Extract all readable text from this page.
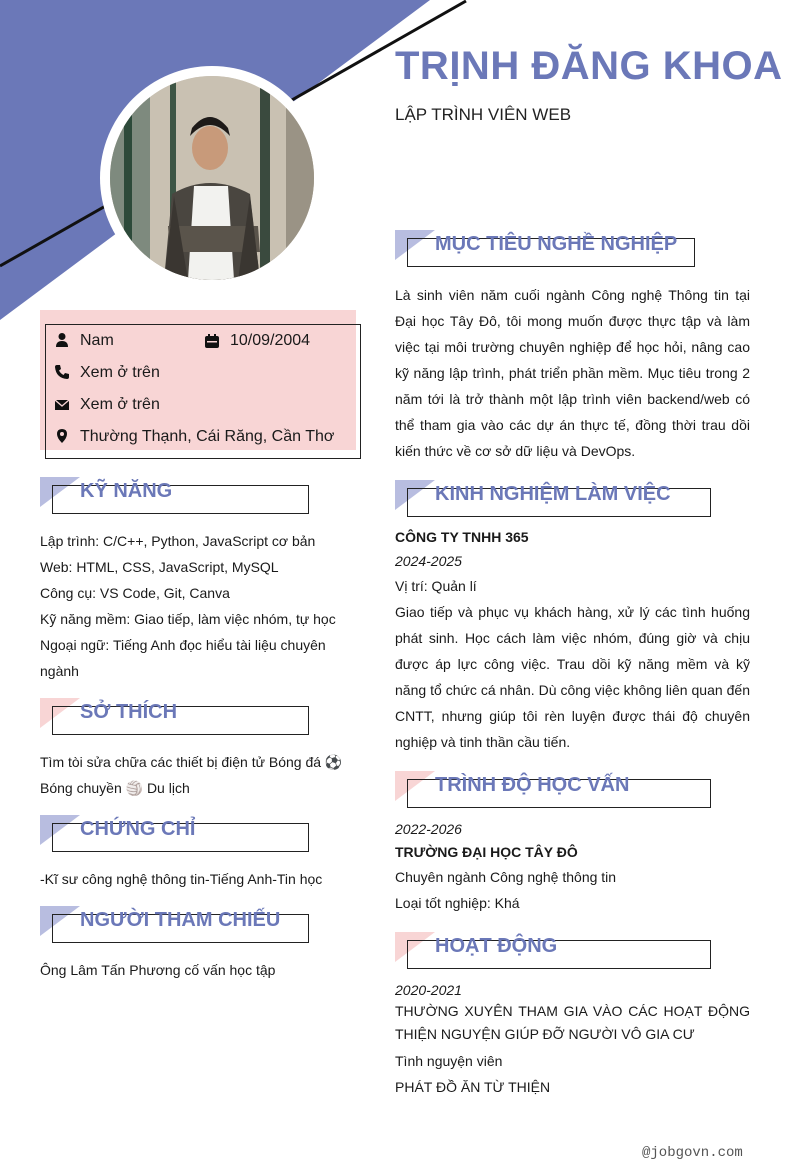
TRỊNH ĐĂNG KHOA
LẬP TRÌNH VIÊN WEB
Nam	10/09/2004
Xem ở trên
Xem ở trên
Thường Thạnh, Cái Răng, Cần Thơ
KỸ NĂNG
Lập trình: C/C++, Python, JavaScript cơ bản
Web: HTML, CSS, JavaScript, MySQL
Công cụ: VS Code, Git, Canva
Kỹ năng mềm: Giao tiếp, làm việc nhóm, tự học
Ngoại ngữ: Tiếng Anh đọc hiểu tài liệu chuyên ngành
SỞ THÍCH
Tìm tòi sửa chữa các thiết bị điện tử Bóng đá ⚽ Bóng chuyền 🏐 Du lịch
CHỨNG CHỈ
-Kĩ sư công nghệ thông tin-Tiếng Anh-Tin học
NGƯỜI THAM CHIẾU
Ông Lâm Tấn Phương cố vấn học tập
MỤC TIÊU NGHỀ NGHIỆP
Là sinh viên năm cuối ngành Công nghệ Thông tin tại Đại học Tây Đô, tôi mong muốn được thực tập và làm việc tại môi trường chuyên nghiệp để học hỏi, nâng cao kỹ năng lập trình, phát triển phần mềm. Mục tiêu trong 2 năm tới là trở thành một lập trình viên backend/web có thể tham gia vào các dự án thực tế, đồng thời trau dồi kiến thức về cơ sở dữ liệu và DevOps.
KINH NGHIỆM LÀM VIỆC
CÔNG TY TNHH 365
2024-2025
Vị trí: Quản lí
Giao tiếp và phục vụ khách hàng, xử lý các tình huống phát sinh. Học cách làm việc nhóm, đúng giờ và chịu được áp lực công việc. Trau dồi kỹ năng mềm và kỹ năng tổ chức cá nhân. Dù công việc không liên quan đến CNTT, nhưng giúp tôi rèn luyện được thái độ chuyên nghiệp và tinh thần cầu tiến.
TRÌNH ĐỘ HỌC VẤN
2022-2026
TRƯỜNG ĐẠI HỌC TÂY ĐÔ
Chuyên ngành Công nghệ thông tin
Loại tốt nghiệp: Khá
HOẠT ĐỘNG
2020-2021
THƯỜNG XUYÊN THAM GIA VÀO CÁC HOẠT ĐỘNG THIỆN NGUYỆN GIÚP ĐỠ NGƯỜI VÔ GIA CƯ
Tình nguyện viên
PHÁT ĐỒ ĂN TỪ THIỆN
@jobgovn.com
